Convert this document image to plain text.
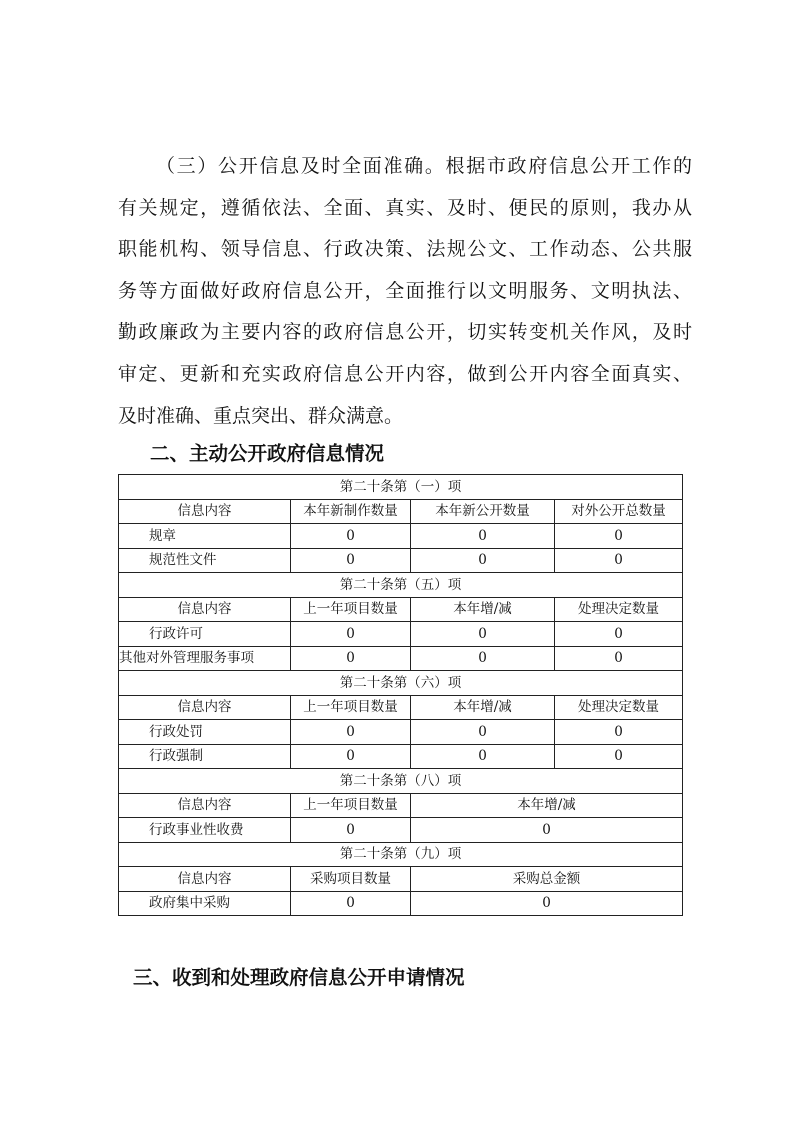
（三）公开信息及时全面准确。根据市政府信息公开工作的
有关规定，遵循依法、全面、真实、及时、便民的原则，我办从
职能机构、领导信息、行政决策、法规公文、工作动态、公共服
务等方面做好政府信息公开，全面推行以文明服务、文明执法、
勤政廉政为主要内容的政府信息公开，切实转变机关作风，及时
审定、更新和充实政府信息公开内容，做到公开内容全面真实、
及时准确、重点突出、群众满意。
二、主动公开政府信息情况
第二十条第（一）项			
信息内容	本年新制作数量	本年新公开数量	对外公开总数量
规章	0	0	0
规范性文件	0	0	0
第二十条第（五）项			
信息内容	上一年项目数量	本年增/减	处理决定数量
行政许可	0	0	0
其他对外管理服务事项	0	0	0
第二十条第（六）项			
信息内容	上一年项目数量	本年增/减	处理决定数量
行政处罚	0	0	0
行政强制	0	0	0
第二十条第（八）项			
信息内容	上一年项目数量	本年增/减	
行政事业性收费	0	0	
第二十条第（九）项			
信息内容	采购项目数量	采购总金额	
政府集中采购	0	0	
三、收到和处理政府信息公开申请情况
